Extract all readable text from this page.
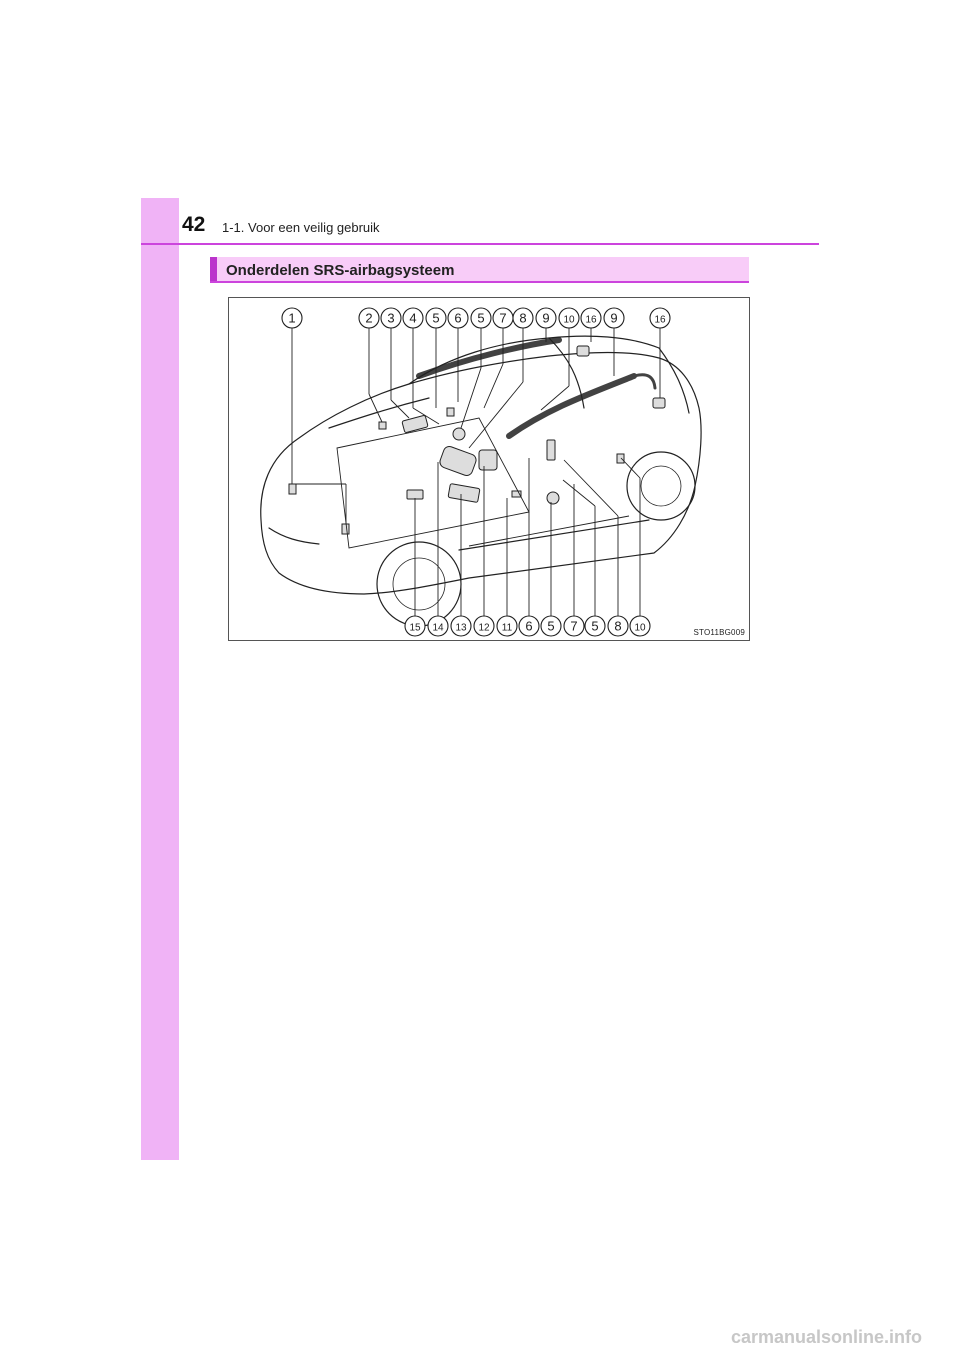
42 1-1. Voor een veilig gebruik
Onderdelen SRS-airbagsysteem
1	2 3 4 5 6 5 7 8 9 10 16 9	16
15 14 13 12 11 6 5 7 5 8 10	STO11BG009
carmanualsonline.info
